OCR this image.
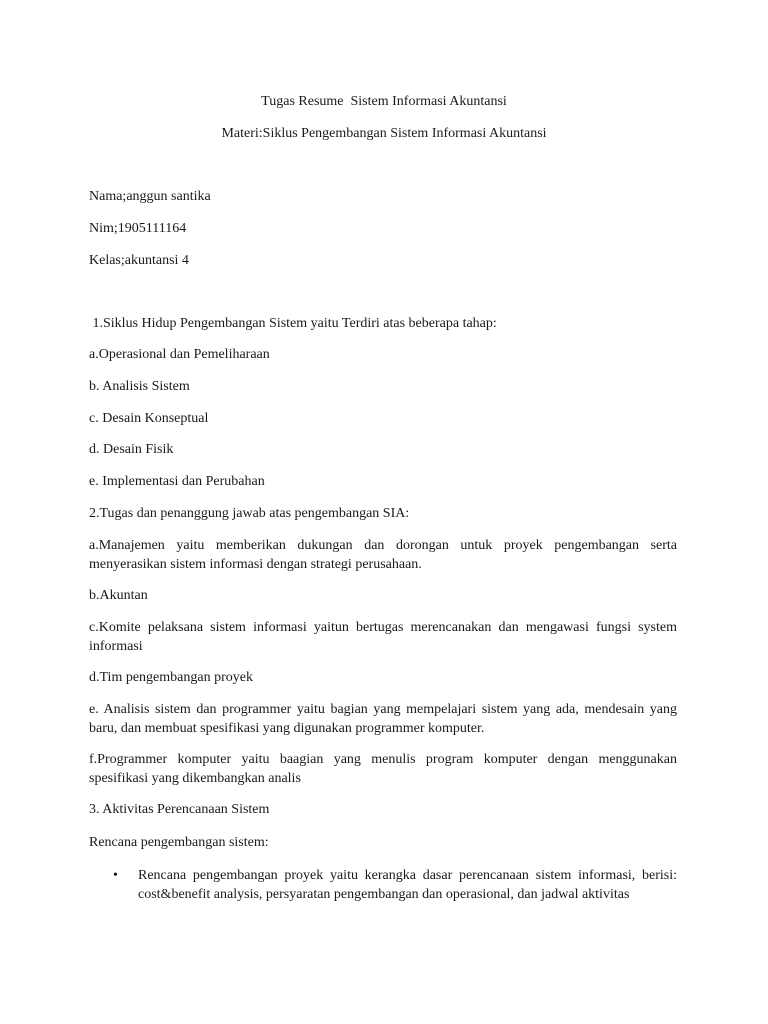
Tugas Resume  Sistem Informasi Akuntansi
Materi:Siklus Pengembangan Sistem Informasi Akuntansi

Nama;anggun santika

Nim;1905111164

Kelas;akuntansi 4

1.Siklus Hidup Pengembangan Sistem yaitu Terdiri atas beberapa tahap:

a.Operasional dan Pemeliharaan

b. Analisis Sistem

c. Desain Konseptual

d. Desain Fisik

e. Implementasi dan Perubahan

2.Tugas dan penanggung jawab atas pengembangan SIA:

a.Manajemen yaitu memberikan dukungan dan dorongan untuk proyek pengembangan serta menyerasikan sistem informasi dengan strategi perusahaan.

b.Akuntan

c.Komite pelaksana sistem informasi yaitun bertugas merencanakan dan mengawasi fungsi system informasi

d.Tim pengembangan proyek

e. Analisis sistem dan programmer yaitu bagian yang mempelajari sistem yang ada, mendesain yang baru, dan membuat spesifikasi yang digunakan programmer komputer.

f.Programmer komputer yaitu baagian yang menulis program komputer dengan menggunakan spesifikasi yang dikembangkan analis

3. Aktivitas Perencanaan Sistem

Rencana pengembangan sistem:

• Rencana pengembangan proyek yaitu kerangka dasar perencanaan sistem informasi, berisi: cost&benefit analysis, persyaratan pengembangan dan operasional, dan jadwal aktivitas
